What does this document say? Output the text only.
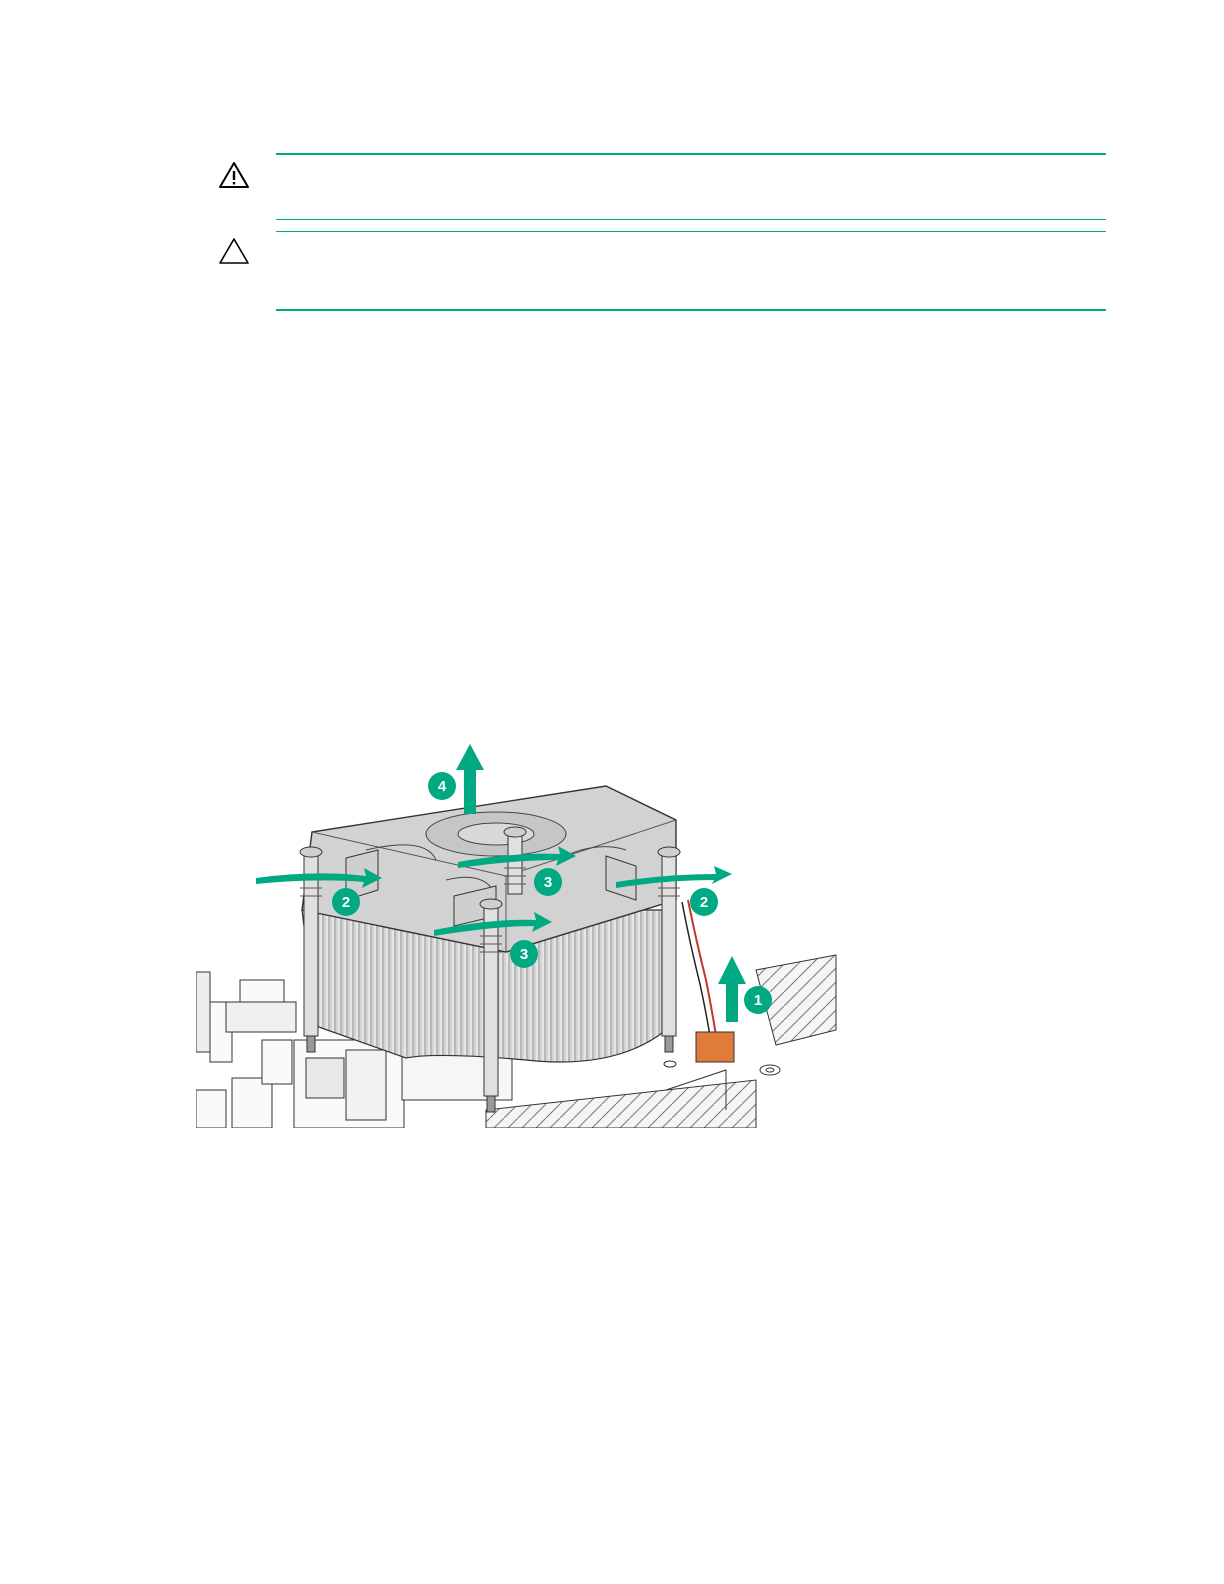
1
2	2
3
3
4
